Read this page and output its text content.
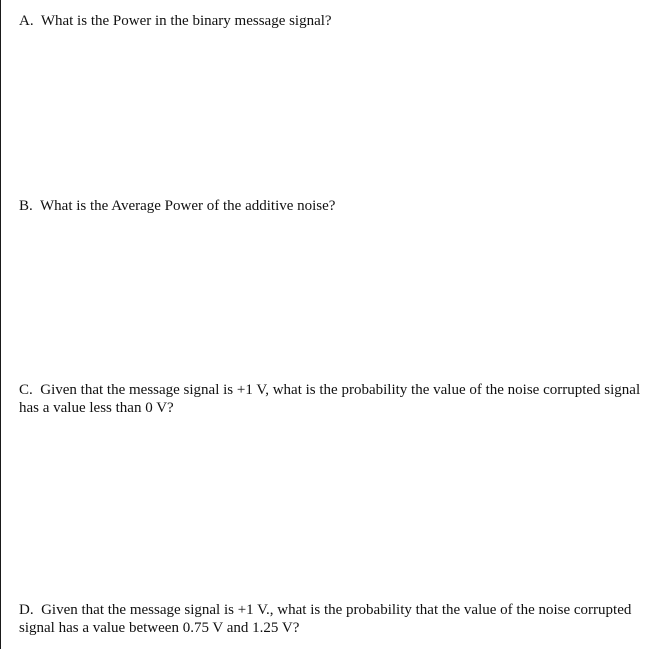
A. What is the Power in the binary message signal?

B. What is the Average Power of the additive noise?

C. Given that the message signal is +1 V, what is the probability the value of the noise corrupted signal has a value less than 0 V?

D. Given that the message signal is +1 V., what is the probability that the value of the noise corrupted signal has a value between 0.75 V and 1.25 V?
